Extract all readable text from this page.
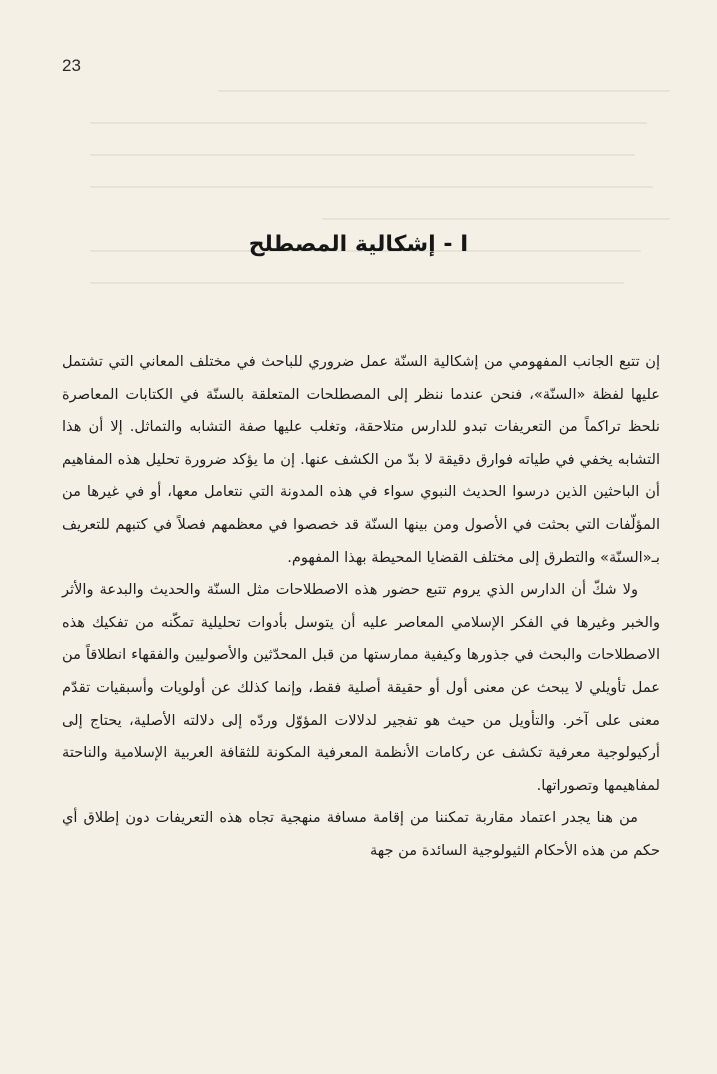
23
I - إشكالية المصطلح

إن تتبع الجانب المفهومي من إشكالية السنّة عمل ضروري للباحث في مختلف المعاني التي تشتمل عليها لفظة «السنّة»، فنحن عندما ننظر إلى المصطلحات المتعلقة بالسنّة في الكتابات المعاصرة نلحظ تراكماً من التعريفات تبدو للدارس متلاحقة، وتغلب عليها صفة التشابه والتماثل. إلا أن هذا التشابه يخفي في طياته فوارق دقيقة لا بدّ من الكشف عنها. إن ما يؤكد ضرورة تحليل هذه المفاهيم أن الباحثين الذين درسوا الحديث النبوي سواء في هذه المدونة التي نتعامل معها، أو في غيرها من المؤلّفات التي بحثت في الأصول ومن بينها السنّة قد خصصوا في معظمهم فصلاً في كتبهم للتعريف بـ«السنّة» والتطرق إلى مختلف القضايا المحيطة بهذا المفهوم.

ولا شكّ أن الدارس الذي يروم تتبع حضور هذه الاصطلاحات مثل السنّة والحديث والبدعة والأثر والخبر وغيرها في الفكر الإسلامي المعاصر عليه أن يتوسل بأدوات تحليلية تمكّنه من تفكيك هذه الاصطلاحات والبحث في جذورها وكيفية ممارستها من قبل المحدّثين والأصوليين والفقهاء انطلاقاً من عمل تأويلي لا يبحث عن معنى أول أو حقيقة أصلية فقط، وإنما كذلك عن أولويات وأسبقيات تقدّم معنى على آخر. والتأويل من حيث هو تفجير لدلالات المؤوّل وردّه إلى دلالته الأصلية، يحتاج إلى أركيولوجية معرفية تكشف عن ركامات الأنظمة المعرفية المكونة للثقافة العربية الإسلامية والناحتة لمفاهيمها وتصوراتها.

من هنا يجدر اعتماد مقاربة تمكننا من إقامة مسافة منهجية تجاه هذه التعريفات دون إطلاق أي حكم من هذه الأحكام الثيولوجية السائدة من جهة
